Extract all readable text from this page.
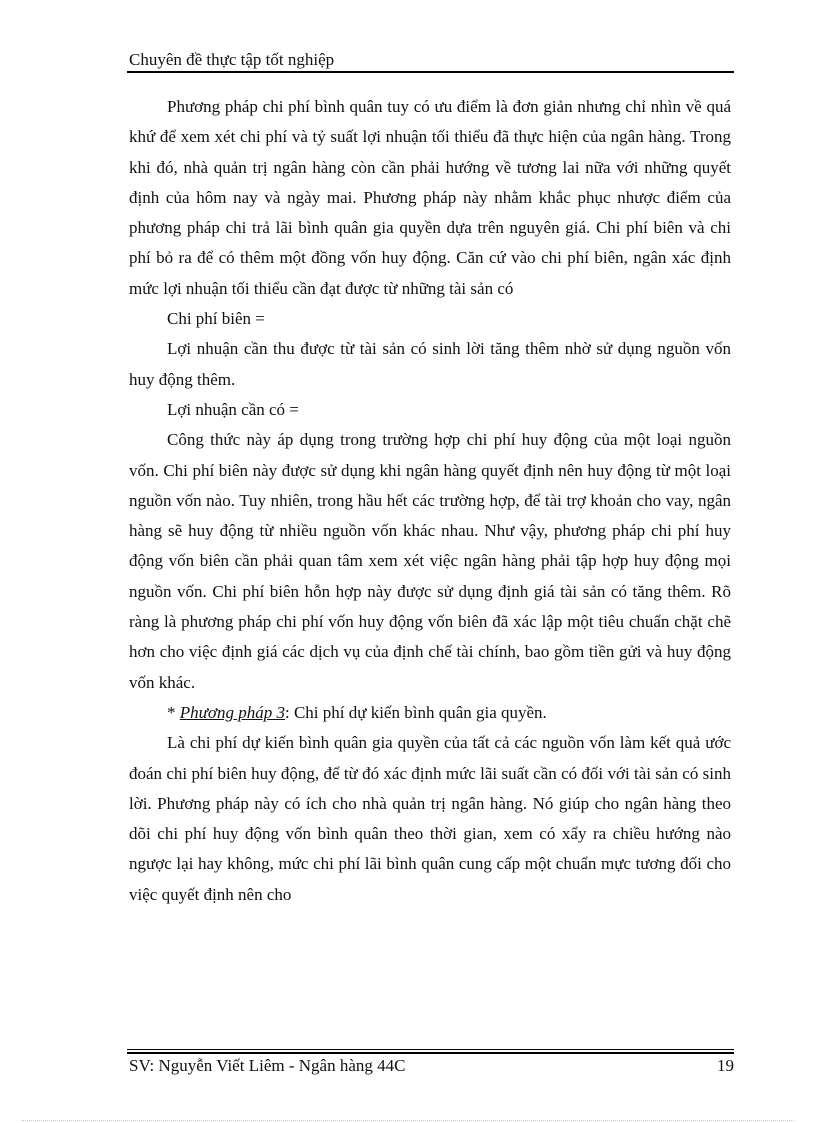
Chuyên đề thực tập tốt nghiệp

Phương pháp chi phí bình quân tuy có ưu điểm là đơn giản nhưng chỉ nhìn về quá khứ để xem xét chi phí và tỷ suất lợi nhuận tối thiểu đã thực hiện của ngân hàng. Trong khi đó, nhà quản trị ngân hàng còn cần phải hướng về tương lai nữa với những quyết định của hôm nay và ngày mai. Phương pháp này nhằm khắc phục nhược điểm của phương pháp chi trả lãi bình quân gia quyền dựa trên nguyên giá. Chi phí biên và chi phí bỏ ra để có thêm một đồng vốn huy động. Căn cứ vào chi phí biên, ngân xác định mức lợi nhuận tối thiểu cần đạt được từ những tài sản có

Chi phí biên =

Lợi nhuận cần thu được từ tài sản có sinh lời tăng thêm nhờ sử dụng nguồn vốn huy động thêm.

Lợi nhuận cần có =

Công thức này áp dụng trong trường hợp chi phí huy động của một loại nguồn vốn. Chi phí biên này được sử dụng khi ngân hàng quyết định nên huy động từ một loại nguồn vốn nào. Tuy nhiên, trong hầu hết các trường hợp, để tài trợ khoản cho vay, ngân hàng sẽ huy động từ nhiều nguồn vốn khác nhau. Như vậy, phương pháp chi phí huy động vốn biên cần phải quan tâm xem xét việc ngân hàng phải tập hợp huy động mọi nguồn vốn. Chi phí biên hỗn hợp này được sử dụng định giá tài sản có tăng thêm. Rõ ràng là phương pháp chi phí vốn huy động vốn biên đã xác lập một tiêu chuẩn chặt chẽ hơn cho việc định giá các dịch vụ của định chế tài chính, bao gồm tiền gửi và huy động vốn khác.

* Phương pháp 3: Chi phí dự kiến bình quân gia quyền.

Là chi phí dự kiến bình quân gia quyền của tất cả các nguồn vốn làm kết quả ước đoán chi phí biên huy động, để từ đó xác định mức lãi suất cần có đối với tài sản có sinh lời. Phương pháp này có ích cho nhà quản trị ngân hàng. Nó giúp cho ngân hàng theo dõi chi phí huy động vốn bình quân theo thời gian, xem có xẩy ra chiều hướng nào ngược lại hay không, mức chi phí lãi bình quân cung cấp một chuẩn mực tương đối cho việc quyết định nên cho

SV: Nguyễn Viết Liêm - Ngân hàng 44C	19
